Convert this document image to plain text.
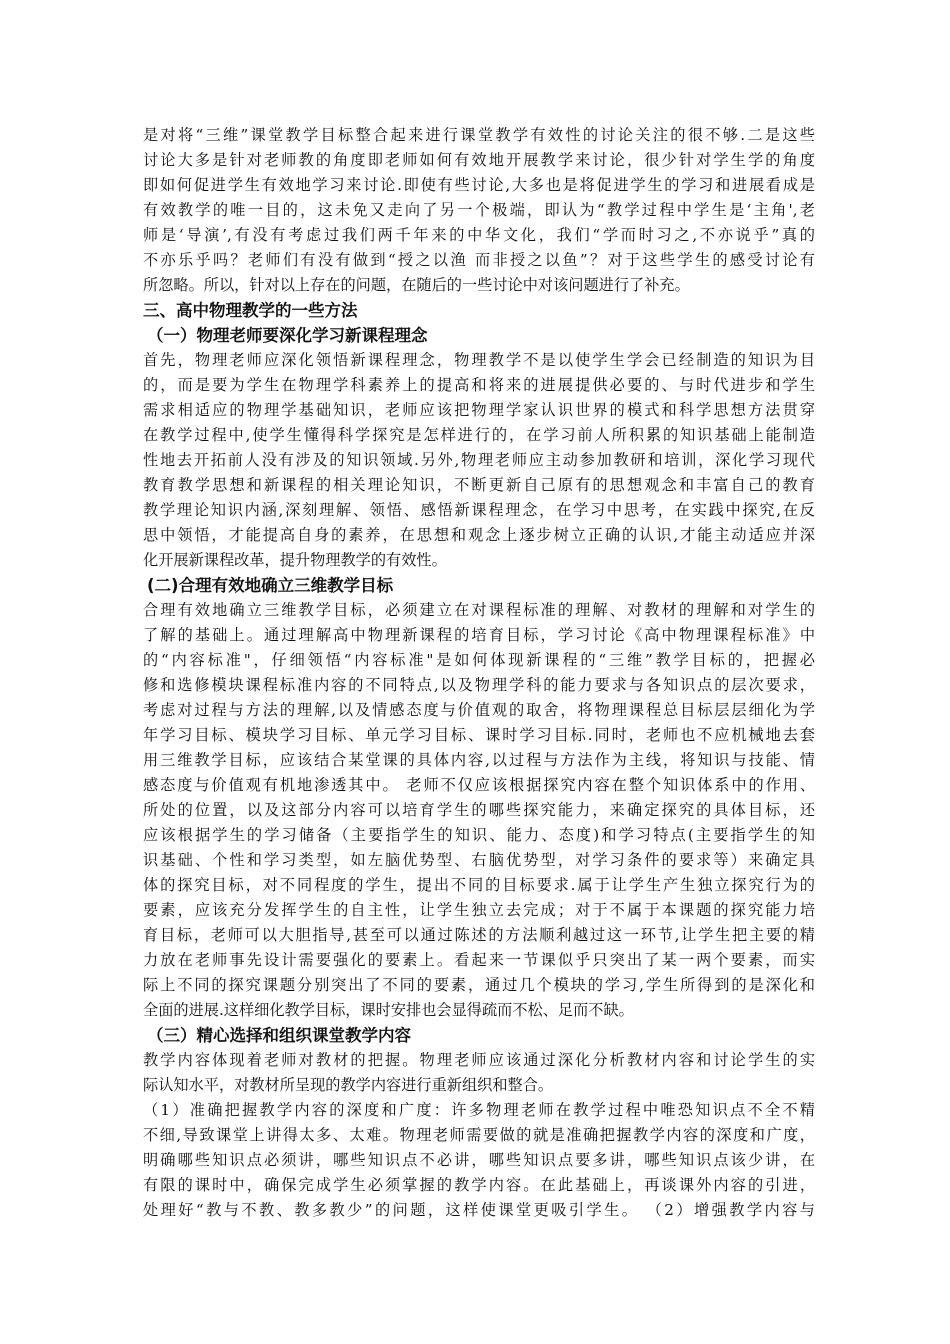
是对将“三维”课堂教学目标整合起来进行课堂教学有效性的讨论关注的很不够.二是这些
讨论大多是针对老师教的角度即老师如何有效地开展教学来讨论，很少针对学生学的角度
即如何促进学生有效地学习来讨论.即使有些讨论,大多也是将促进学生的学习和进展看成是
有效教学的唯一目的，这未免又走向了另一个极端，即认为“教学过程中学生是‘主角',老
师是‘导演’,有没有考虑过我们两千年来的中华文化，我们“学而时习之,不亦说乎”真的
不亦乐乎吗？老师们有没有做到“授之以渔 而非授之以鱼”？对于这些学生的感受讨论有
所忽略。所以，针对以上存在的问题，在随后的一些讨论中对该问题进行了补充。
三、高中物理教学的一些方法
（一）物理老师要深化学习新课程理念
首先，物理老师应深化领悟新课程理念，物理教学不是以使学生学会已经制造的知识为目
的，而是要为学生在物理学科素养上的提高和将来的进展提供必要的、与时代进步和学生
需求相适应的物理学基础知识，老师应该把物理学家认识世界的模式和科学思想方法贯穿
在教学过程中,使学生懂得科学探究是怎样进行的，在学习前人所积累的知识基础上能制造
性地去开拓前人没有涉及的知识领域.另外,物理老师应主动参加教研和培训，深化学习现代
教育教学思想和新课程的相关理论知识，不断更新自己原有的思想观念和丰富自己的教育
教学理论知识内涵,深刻理解、领悟、感悟新课程理念，在学习中思考，在实践中探究,在反
思中领悟，才能提高自身的素养，在思想和观念上逐步树立正确的认识,才能主动适应并深
化开展新课程改革，提升物理教学的有效性。
(二)合理有效地确立三维教学目标
合理有效地确立三维教学目标，必须建立在对课程标准的理解、对教材的理解和对学生的
了解的基础上。通过理解高中物理新课程的培育目标，学习讨论《高中物理课程标准》中
的“内容标准"，仔细领悟“内容标准"是如何体现新课程的“三维”教学目标的，把握必
修和选修模块课程标准内容的不同特点,以及物理学科的能力要求与各知识点的层次要求，
考虑对过程与方法的理解,以及情感态度与价值观的取舍，将物理课程总目标层层细化为学
年学习目标、模块学习目标、单元学习目标、课时学习目标.同时，老师也不应机械地去套
用三维教学目标，应该结合某堂课的具体内容,以过程与方法作为主线，将知识与技能、情
感态度与价值观有机地渗透其中。 老师不仅应该根据探究内容在整个知识体系中的作用、
所处的位置，以及这部分内容可以培育学生的哪些探究能力，来确定探究的具体目标，还
应该根据学生的学习储备（主要指学生的知识、能力、态度)和学习特点(主要指学生的知
识基础、个性和学习类型，如左脑优势型、右脑优势型，对学习条件的要求等）来确定具
体的探究目标，对不同程度的学生，提出不同的目标要求.属于让学生产生独立探究行为的
要素，应该充分发挥学生的自主性，让学生独立去完成；对于不属于本课题的探究能力培
育目标，老师可以大胆指导,甚至可以通过陈述的方法顺利越过这一环节,让学生把主要的精
力放在老师事先设计需要强化的要素上。看起来一节课似乎只突出了某一两个要素，而实
际上不同的探究课题分别突出了不同的要素，通过几个模块的学习,学生所得到的是深化和
全面的进展.这样细化教学目标，课时安排也会显得疏而不松、足而不缺。
（三）精心选择和组织课堂教学内容
教学内容体现着老师对教材的把握。物理老师应该通过深化分析教材内容和讨论学生的实
际认知水平，对教材所呈现的教学内容进行重新组织和整合。
（1）准确把握教学内容的深度和广度：许多物理老师在教学过程中唯恐知识点不全不精
不细,导致课堂上讲得太多、太难。物理老师需要做的就是准确把握教学内容的深度和广度，
明确哪些知识点必须讲，哪些知识点不必讲，哪些知识点要多讲，哪些知识点该少讲，在
有限的课时中，确保完成学生必须掌握的教学内容。在此基础上，再谈课外内容的引进，
处理好“教与不教、教多教少”的问题，这样使课堂更吸引学生。 （2）增强教学内容与
